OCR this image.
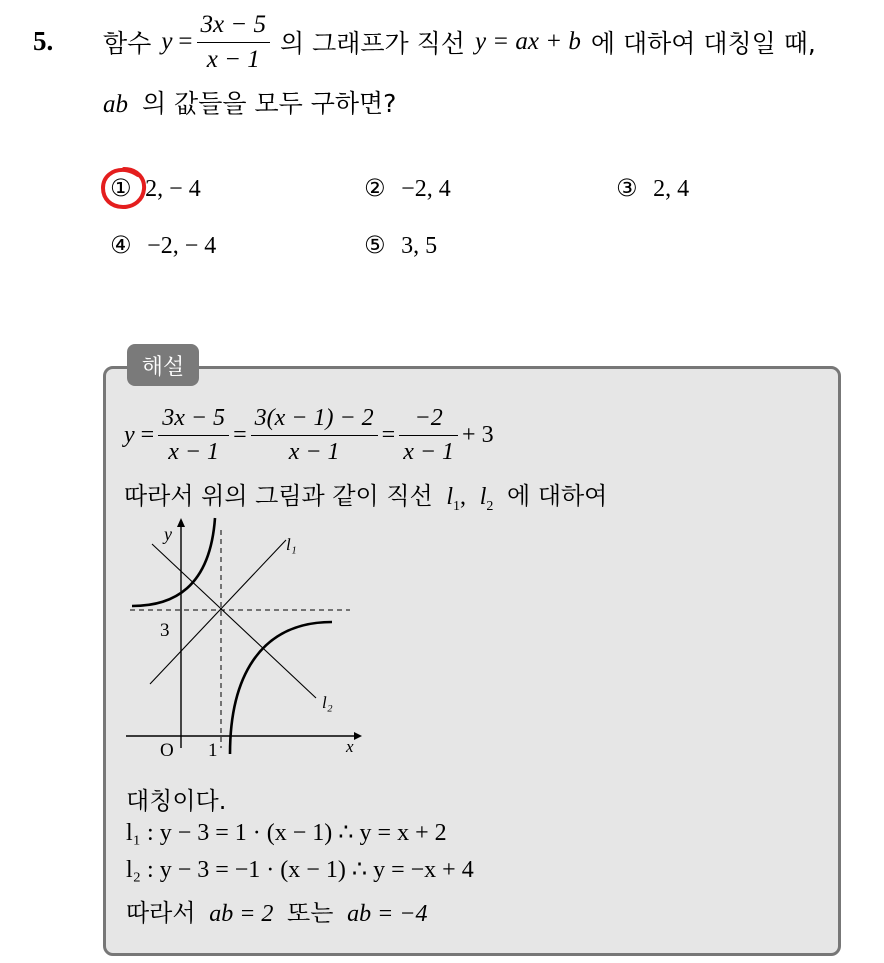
5. 함수 $y = \frac{3x - 5}{x - 1}$ 의 그래프가 직선 y = ax + b 에 대하여 대칭일 때,
ab 의 값들을 모두 구하면?
① 2, − 4	② −2, 4	③ 2, 4
④ −2, − 4	⑤ 3, 5
해설
$y = \frac{3x - 5}{x - 1} = \frac{3(x - 1) - 2}{x - 1} = \frac{-2}{x - 1} + 3$
따라서 위의 그림과 같이 직선 $l_1$, $l_2$ 에 대하여
y
x
O 1
3
l₁
l₂
대칭이다.
l₁ : y − 3 = 1 · (x − 1) ∴ y = x + 2
l₂ : y − 3 = −1 · (x − 1) ∴ y = −x + 4
따라서 ab = 2 또는 ab = −4
